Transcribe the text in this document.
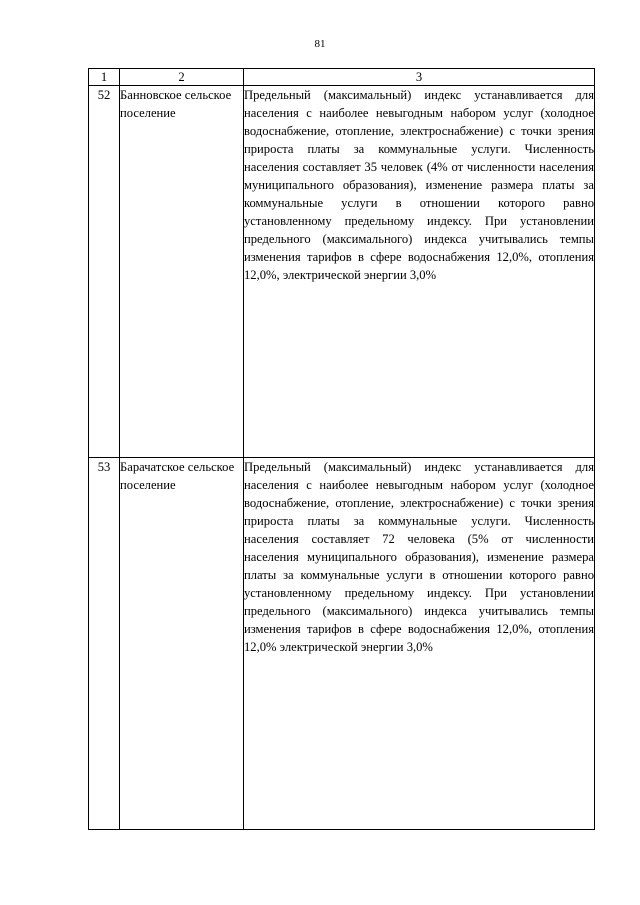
81
1	2	3
52	Банновское сельское поселение	Предельный (максимальный) индекс устанавливается для населения с наиболее невыгодным набором услуг (холодное водоснабжение, отопление, электроснабжение) с точки зрения прироста платы за коммунальные услуги. Численность населения составляет 35 человек (4% от численности населения муниципального образования), изменение размера платы за коммунальные услуги в отношении которого равно установленному предельному индексу. При установлении предельного (максимального) индекса учитывались темпы изменения тарифов в сфере водоснабжения 12,0%, отопления 12,0%, электрической энергии 3,0%
53	Барачатское сельское поселение	Предельный (максимальный) индекс устанавливается для населения с наиболее невыгодным набором услуг (холодное водоснабжение, отопление, электроснабжение) с точки зрения прироста платы за коммунальные услуги. Численность населения составляет 72 человека (5% от численности населения муниципального образования), изменение размера платы за коммунальные услуги в отношении которого равно установленному предельному индексу. При установлении предельного (максимального) индекса учитывались темпы изменения тарифов в сфере водоснабжения 12,0%, отопления 12,0% электрической энергии 3,0%
